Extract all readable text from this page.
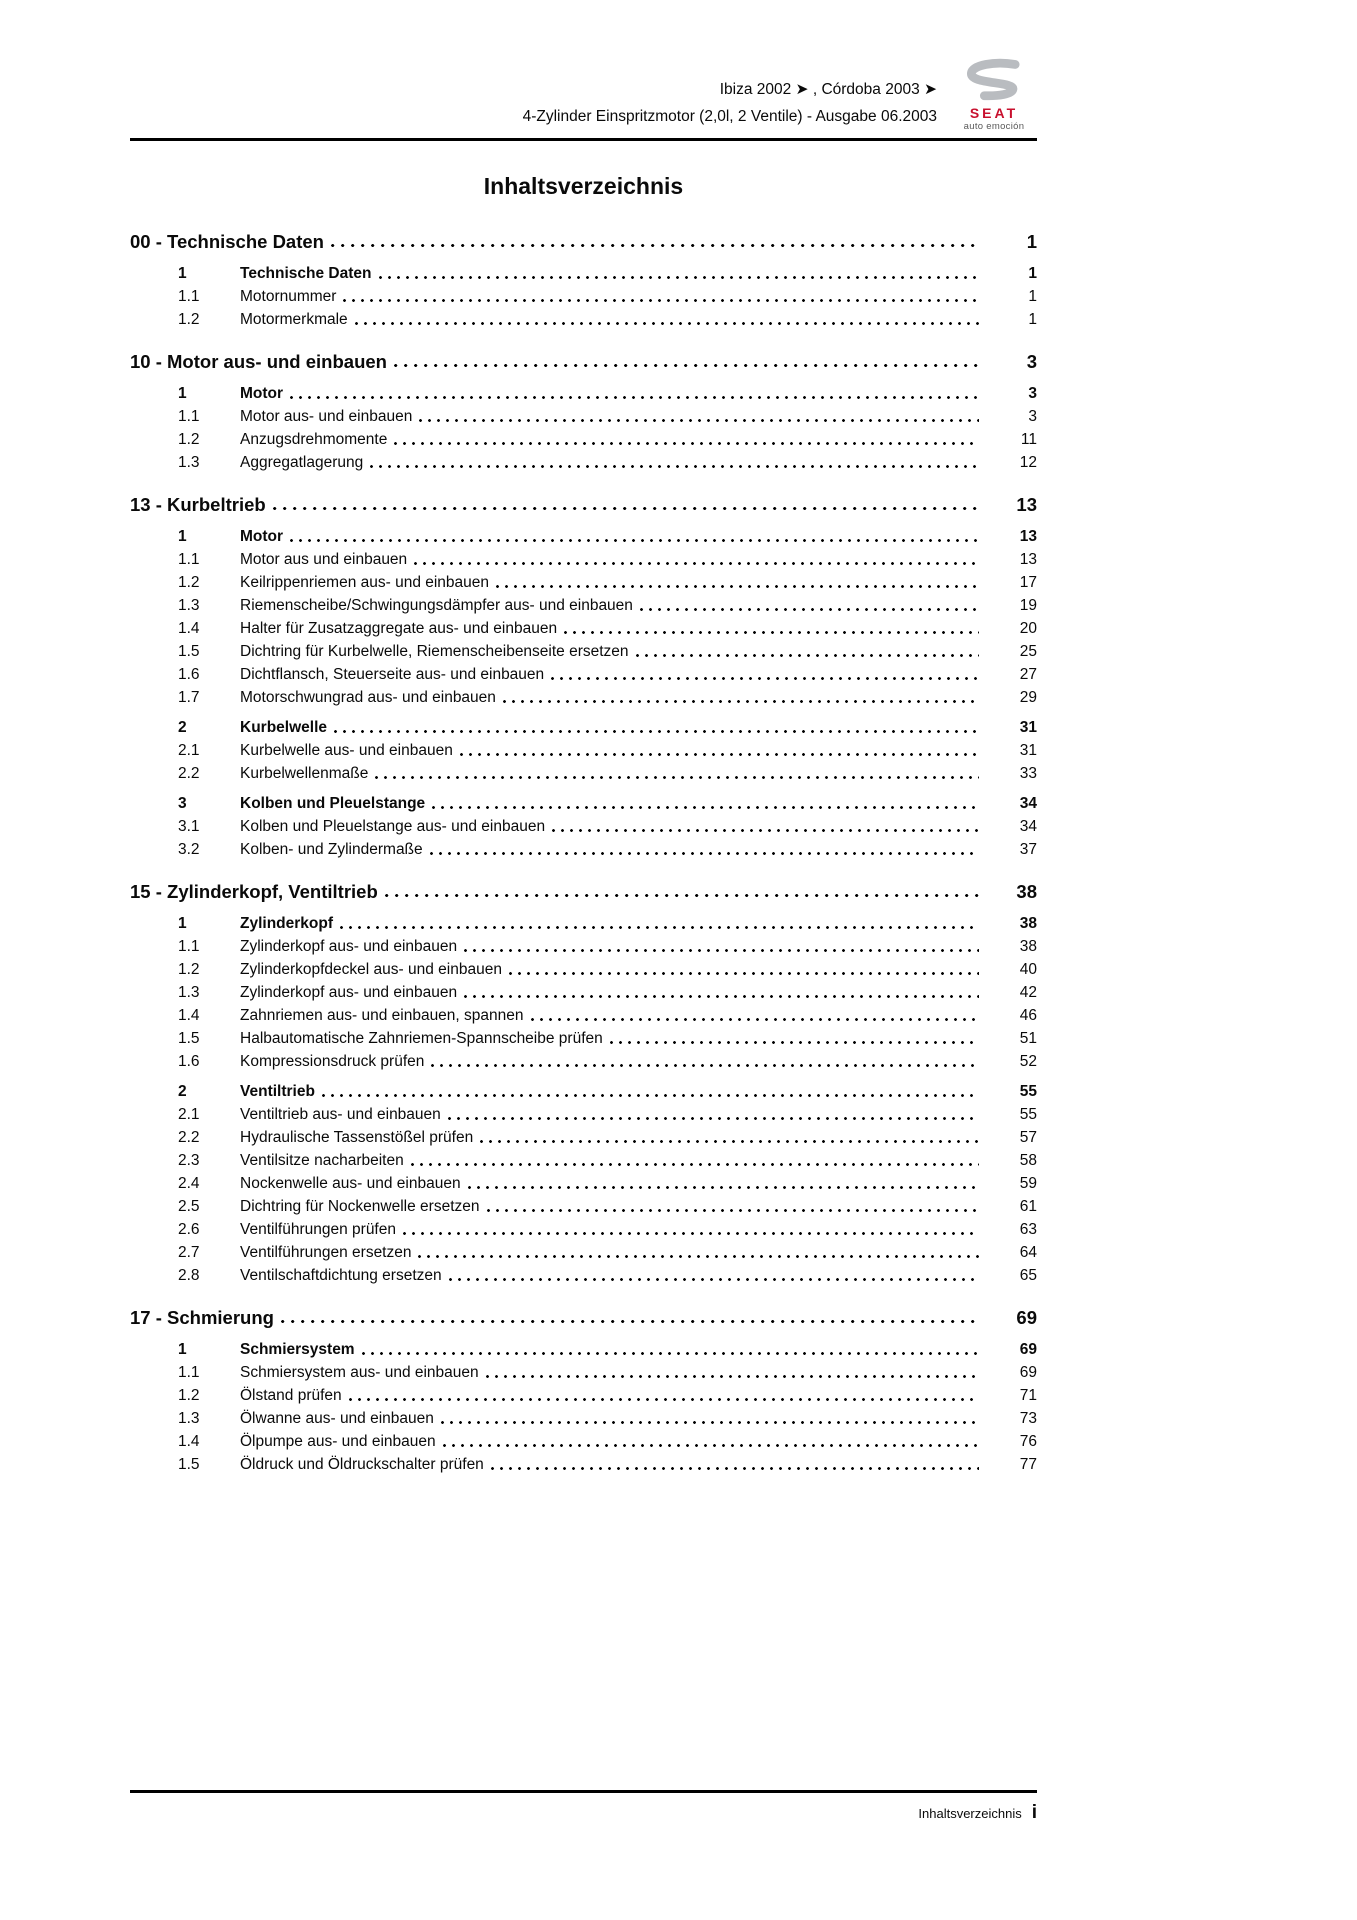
Ibiza 2002 ➤ , Córdoba 2003 ➤
4-Zylinder Einspritzmotor (2,0l, 2 Ventile) - Ausgabe 06.2003	SEAT
auto emoción
Inhaltsverzeichnis
00 - Technische Daten	1
1	Technische Daten	1
1.1	Motornummer	1
1.2	Motormerkmale	1
10 - Motor aus- und einbauen	3
1	Motor	3
1.1	Motor aus- und einbauen	3
1.2	Anzugsdrehmomente	11
1.3	Aggregatlagerung	12
13 - Kurbeltrieb	13
1	Motor	13
1.1	Motor aus und einbauen	13
1.2	Keilrippenriemen aus- und einbauen	17
1.3	Riemenscheibe/Schwingungsdämpfer aus- und einbauen	19
1.4	Halter für Zusatzaggregate aus- und einbauen	20
1.5	Dichtring für Kurbelwelle, Riemenscheibenseite ersetzen	25
1.6	Dichtflansch, Steuerseite aus- und einbauen	27
1.7	Motorschwungrad aus- und einbauen	29
2	Kurbelwelle	31
2.1	Kurbelwelle aus- und einbauen	31
2.2	Kurbelwellenmaße	33
3	Kolben und Pleuelstange	34
3.1	Kolben und Pleuelstange aus- und einbauen	34
3.2	Kolben- und Zylindermaße	37
15 - Zylinderkopf, Ventiltrieb	38
1	Zylinderkopf	38
1.1	Zylinderkopf aus- und einbauen	38
1.2	Zylinderkopfdeckel aus- und einbauen	40
1.3	Zylinderkopf aus- und einbauen	42
1.4	Zahnriemen aus- und einbauen, spannen	46
1.5	Halbautomatische Zahnriemen-Spannscheibe prüfen	51
1.6	Kompressionsdruck prüfen	52
2	Ventiltrieb	55
2.1	Ventiltrieb aus- und einbauen	55
2.2	Hydraulische Tassenstößel prüfen	57
2.3	Ventilsitze nacharbeiten	58
2.4	Nockenwelle aus- und einbauen	59
2.5	Dichtring für Nockenwelle ersetzen	61
2.6	Ventilführungen prüfen	63
2.7	Ventilführungen ersetzen	64
2.8	Ventilschaftdichtung ersetzen	65
17 - Schmierung	69
1	Schmiersystem	69
1.1	Schmiersystem aus- und einbauen	69
1.2	Ölstand prüfen	71
1.3	Ölwanne aus- und einbauen	73
1.4	Ölpumpe aus- und einbauen	76
1.5	Öldruck und Öldruckschalter prüfen	77
Inhaltsverzeichnis i
